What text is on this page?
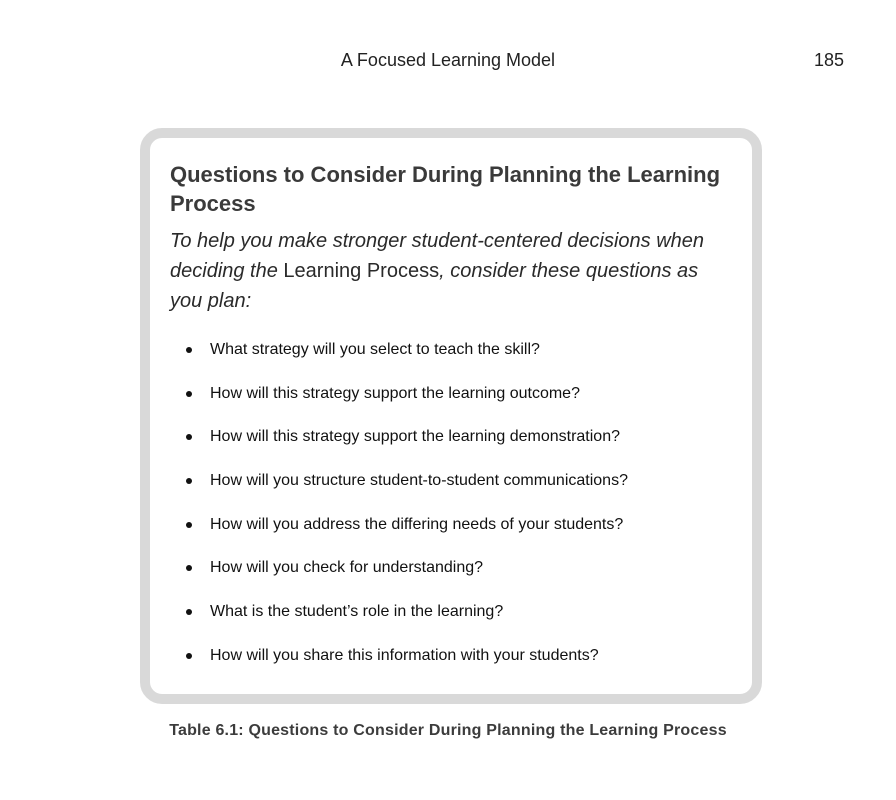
A Focused Learning Model	185
Questions to Consider During Planning the Learning Process

To help you make stronger student-centered decisions when deciding the Learning Process, consider these questions as you plan:

What strategy will you select to teach the skill?
How will this strategy support the learning outcome?
How will this strategy support the learning demonstration?
How will you structure student-to-student communications?
How will you address the differing needs of your students?
How will you check for understanding?
What is the student’s role in the learning?
How will you share this information with your students?
Table 6.1: Questions to Consider During Planning the Learning Process
